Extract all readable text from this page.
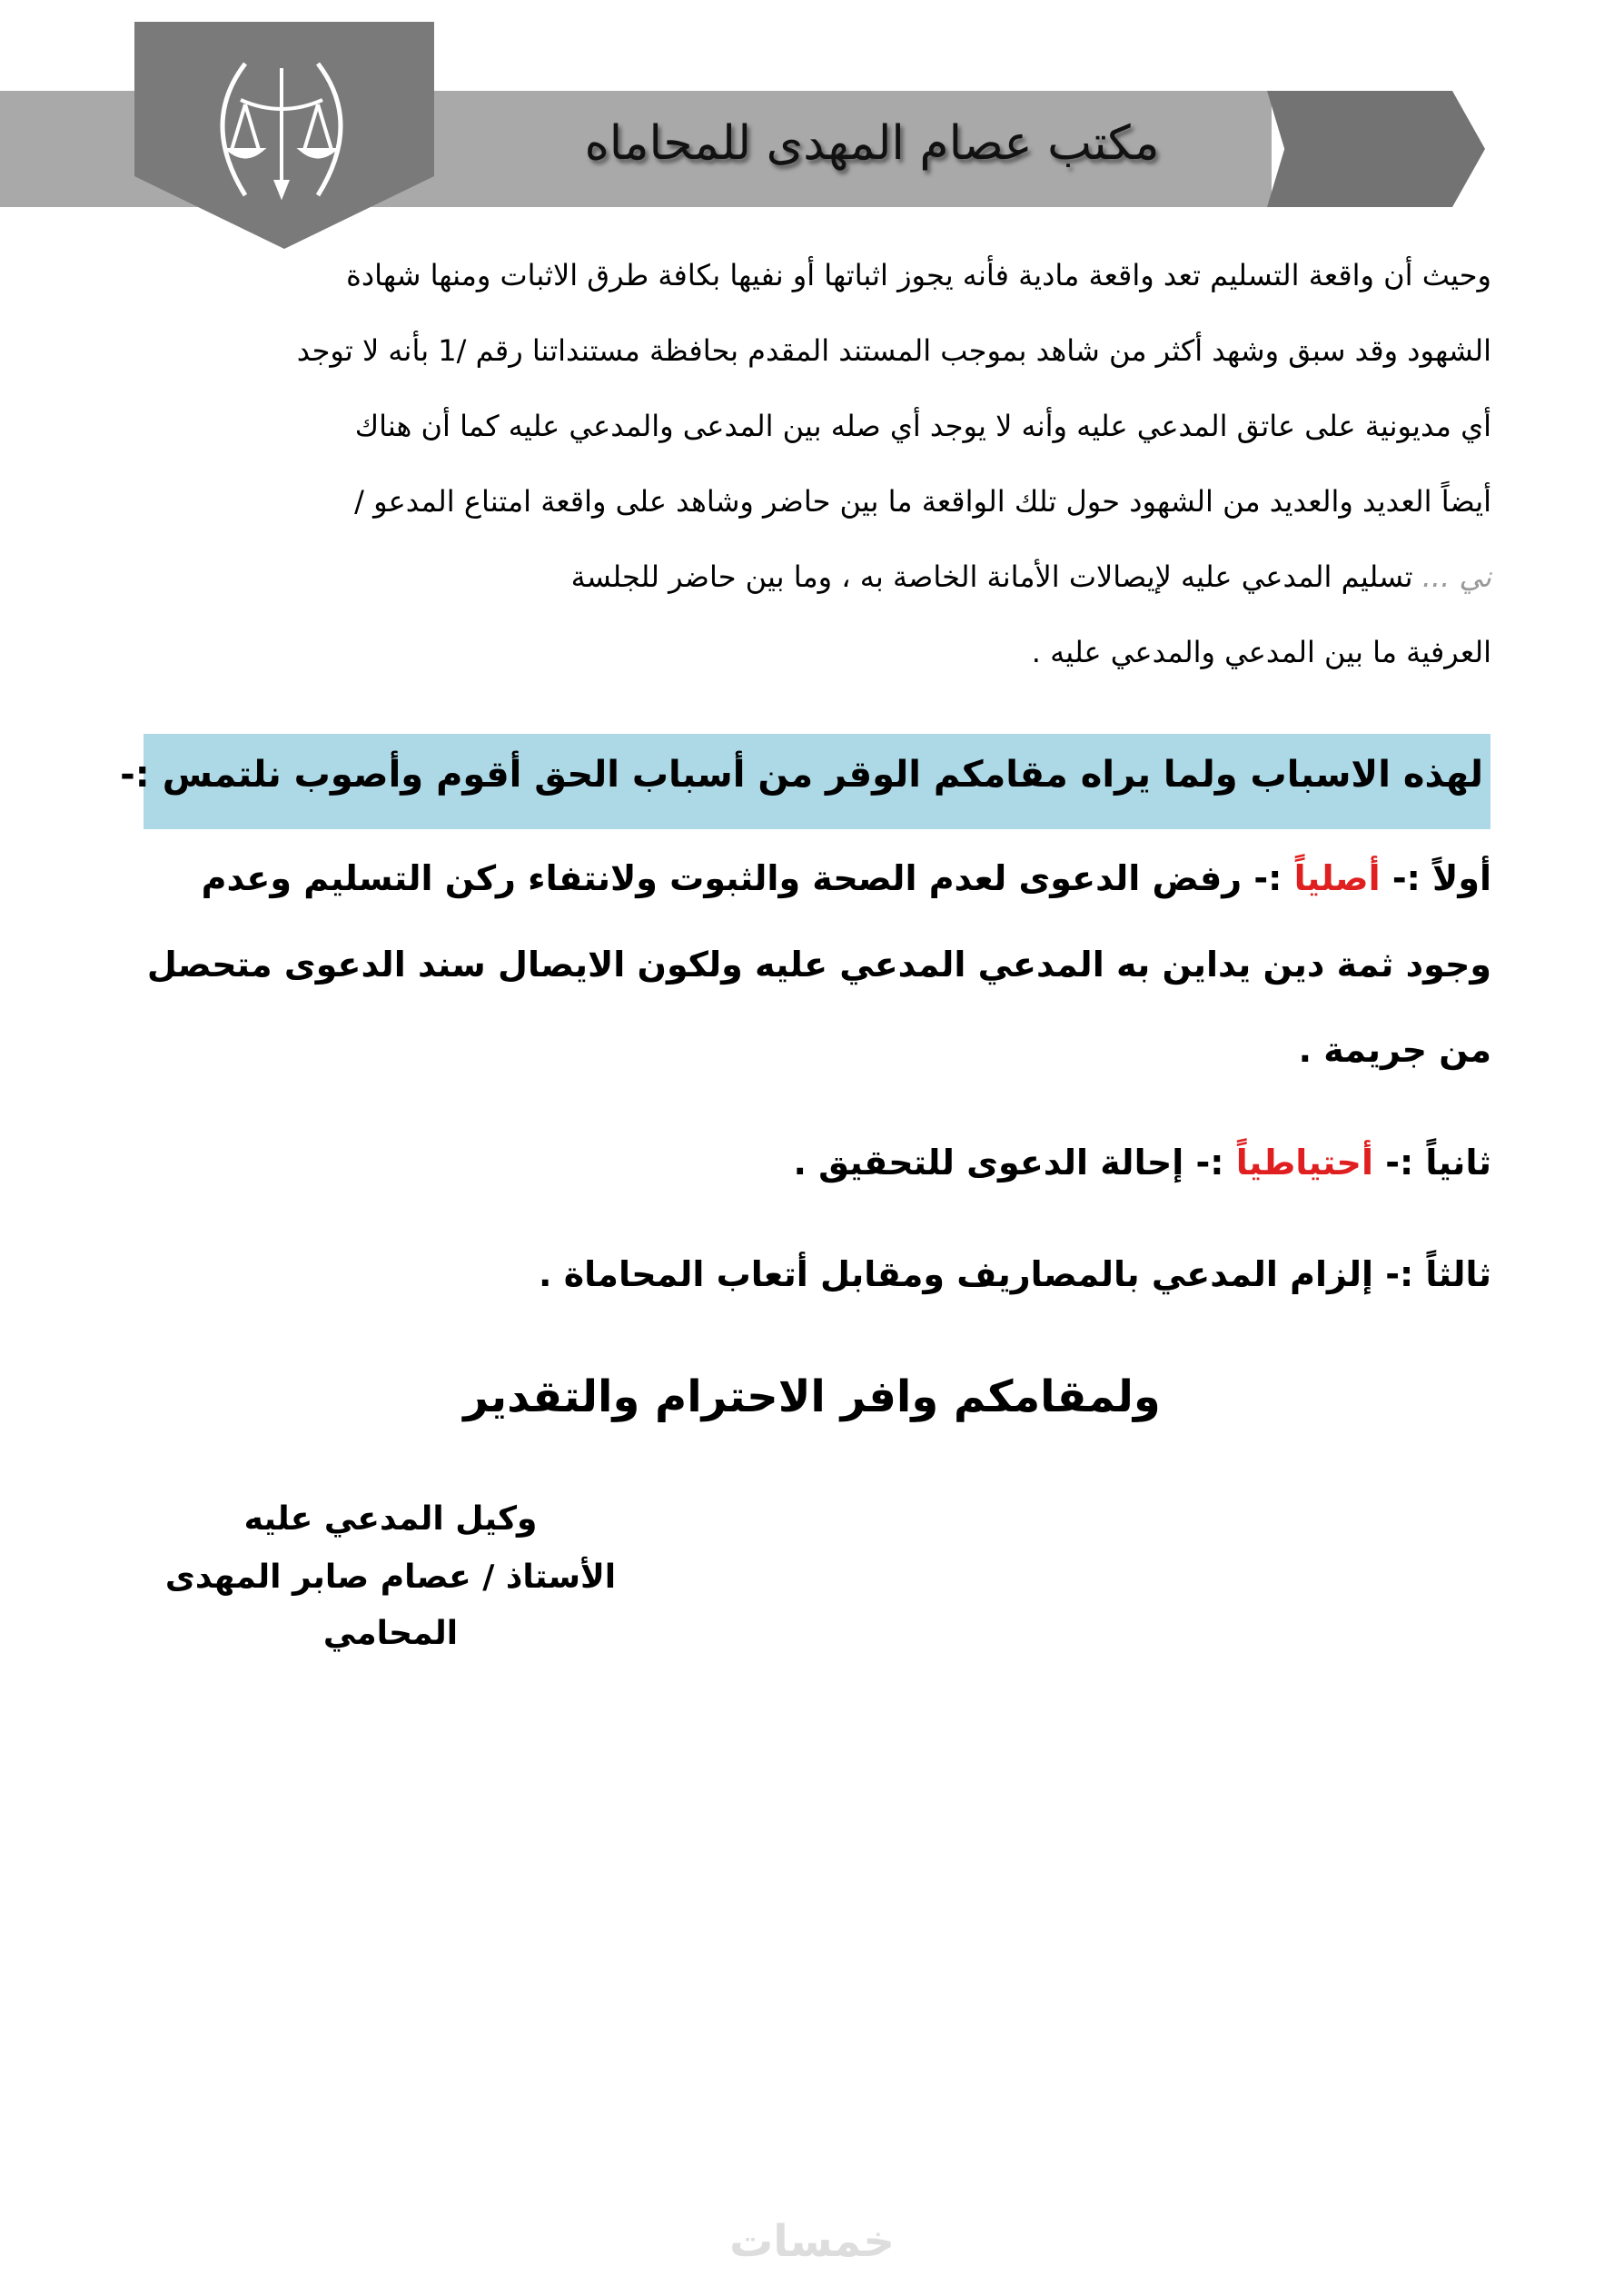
مكتب عصام المهدى للمحاماه
وحيث أن واقعة التسليم تعد واقعة مادية فأنه يجوز اثباتها أو نفيها بكافة طرق الاثبات ومنها شهادة
الشهود وقد سبق وشهد أكثر من شاهد بموجب المستند المقدم بحافظة مستنداتنا رقم /1 بأنه لا توجد
أي مديونية على عاتق المدعي عليه وأنه لا يوجد أي صله بين المدعى والمدعي عليه كما أن هناك
أيضاً العديد والعديد من الشهود حول تلك الواقعة ما بين حاضر وشاهد على واقعة امتناع المدعو /
ني ... تسليم المدعي عليه لإيصالات الأمانة الخاصة به ، وما بين حاضر للجلسة
العرفية ما بين المدعي والمدعي عليه .
لهذه الاسباب ولما يراه مقامكم الوقر من أسباب الحق أقوم وأصوب نلتمس :-
أولاً :- أصلياً :- رفض الدعوى لعدم الصحة والثبوت ولانتفاء ركن التسليم وعدم
وجود ثمة دين يداين به المدعي المدعي عليه ولكون الايصال سند الدعوى متحصل
من جريمة .
ثانياً :- أحتياطياً :- إحالة الدعوى للتحقيق .
ثالثاً :- إلزام المدعي بالمصاريف ومقابل أتعاب المحاماة .
ولمقامكم وافر الاحترام والتقدير
وكيل المدعي عليه
الأستاذ / عصام صابر المهدى
المحامي
خمسات
